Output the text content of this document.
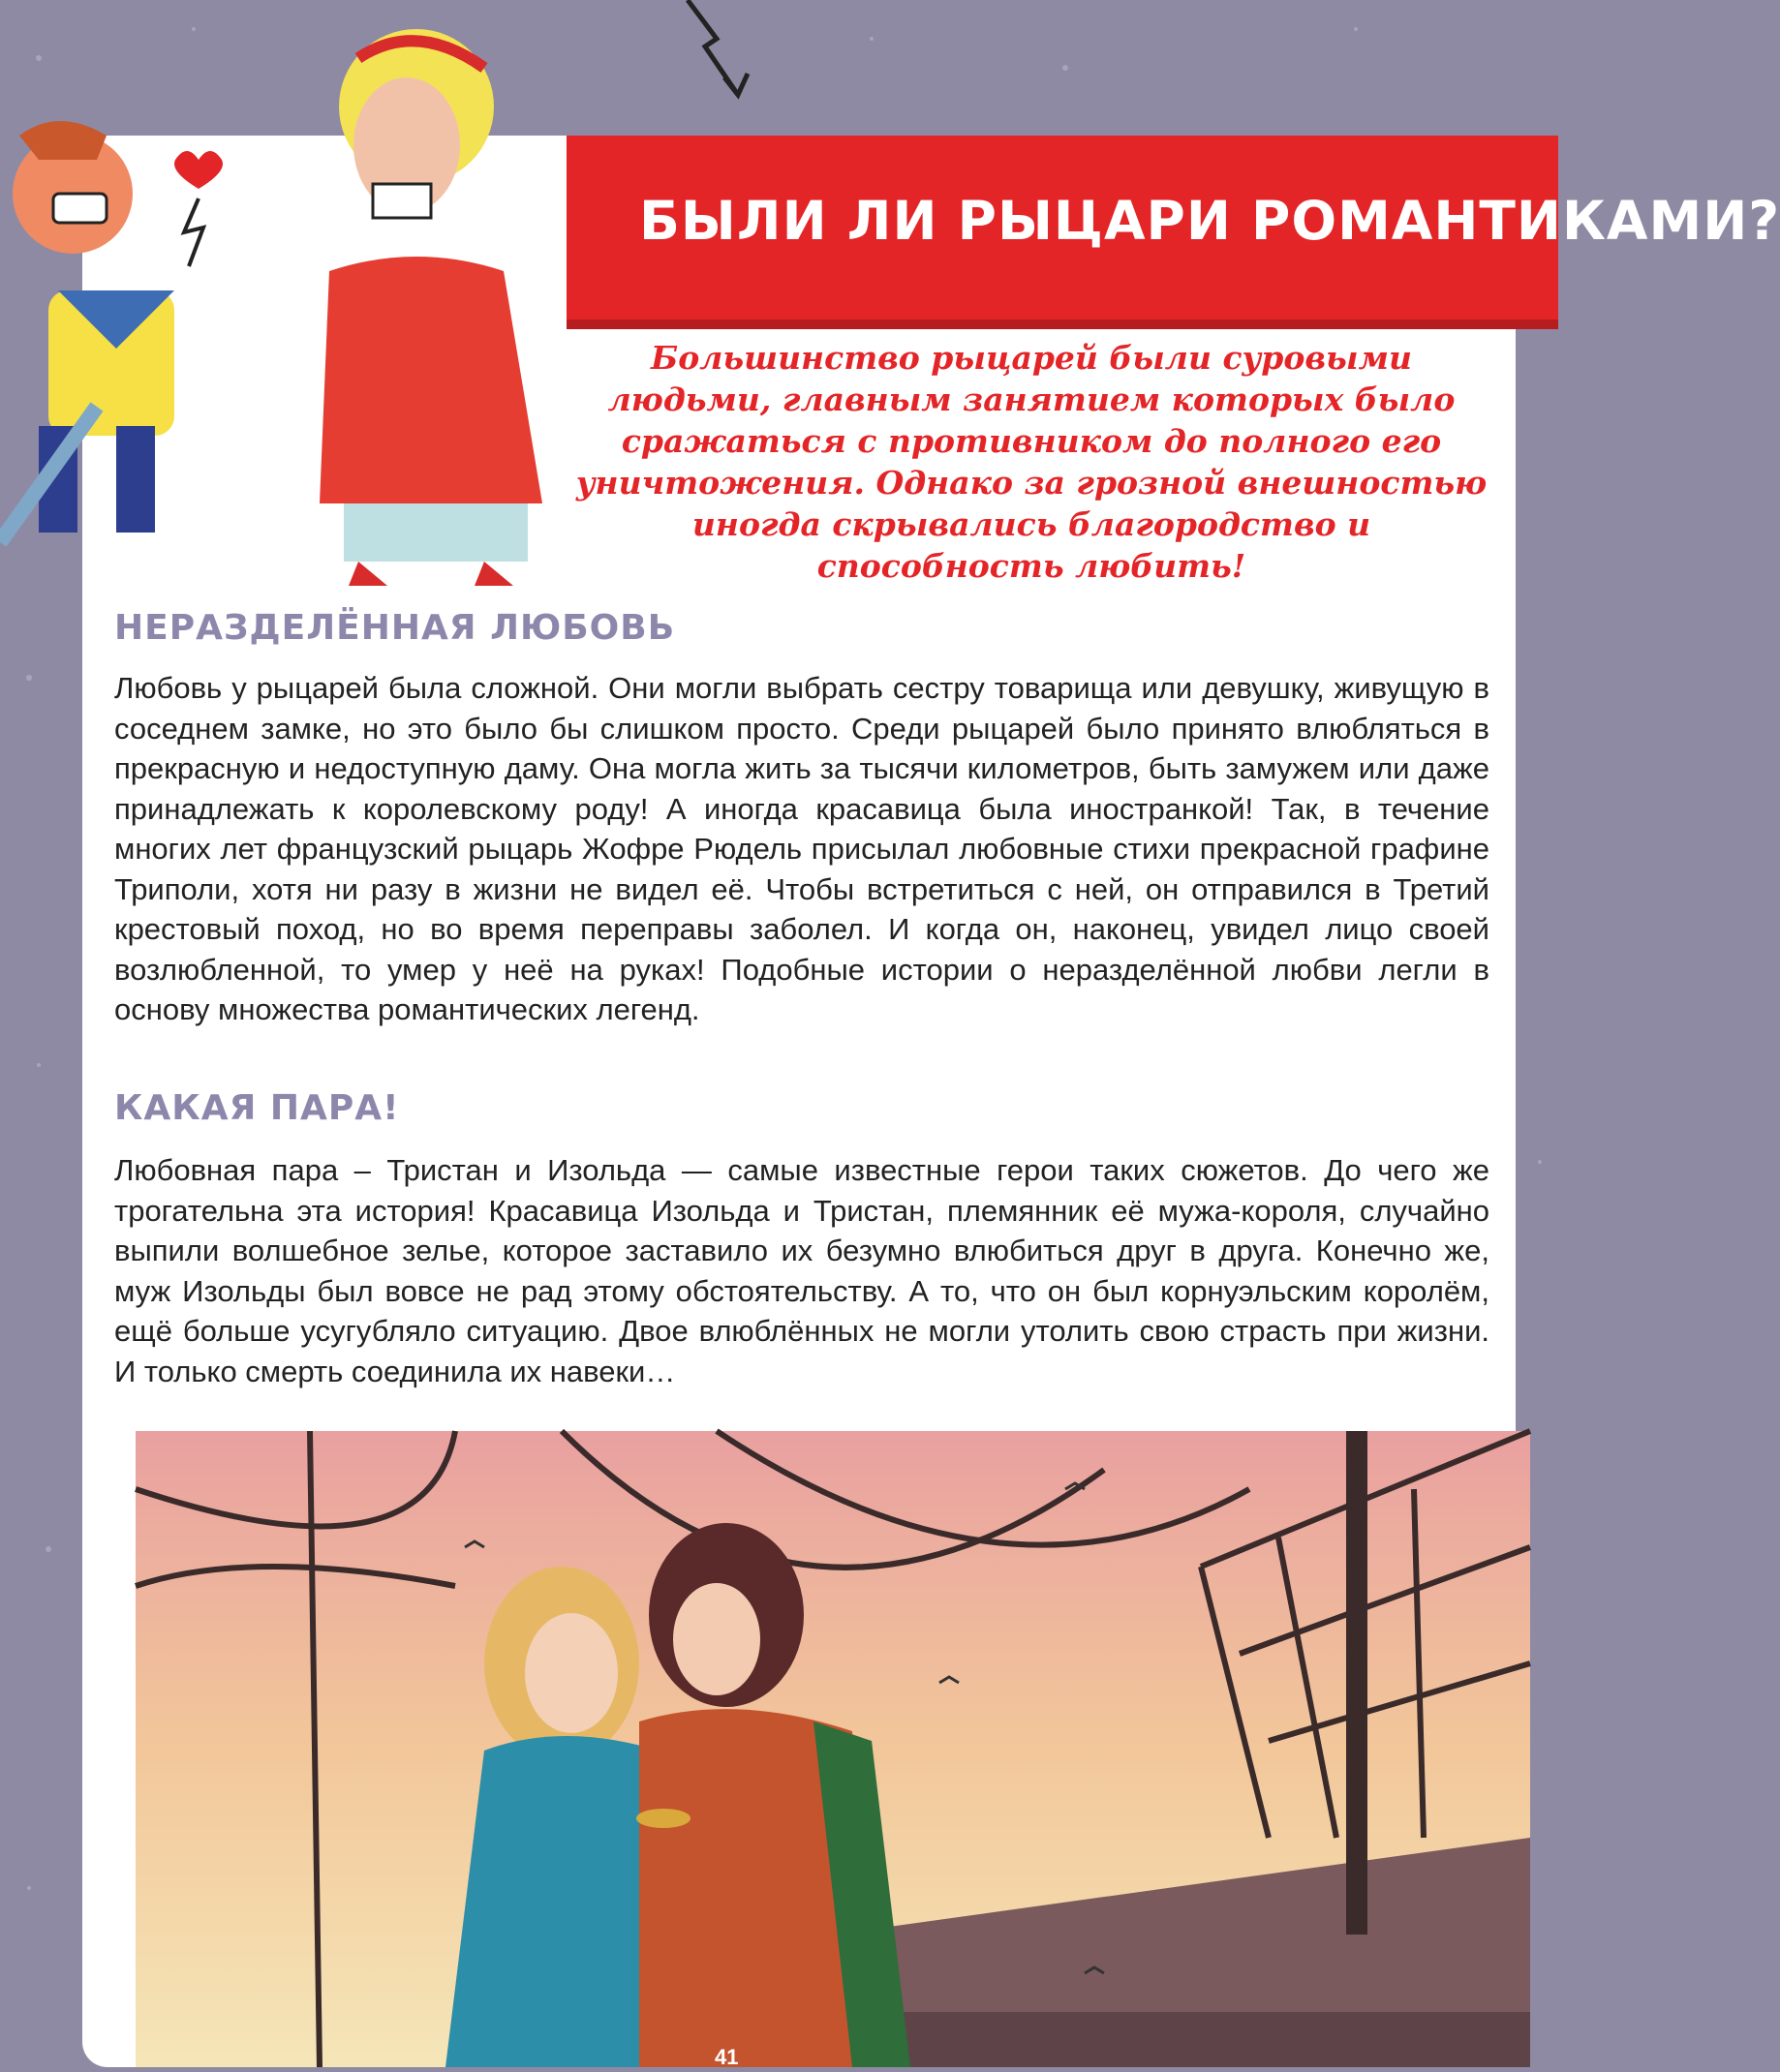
БЫЛИ ЛИ РЫЦАРИ РОМАНТИКАМИ?
Большинство рыцарей были суровыми людьми, главным занятием которых было сражаться с противником до полного его уничтожения. Однако за грозной внешностью иногда скрывались благородство и способность любить!
НЕРАЗДЕЛЁННАЯ ЛЮБОВЬ
Любовь у рыцарей была сложной. Они могли выбрать сестру товарища или девушку, живущую в соседнем замке, но это было бы слишком просто. Среди рыцарей было принято влюбляться в прекрасную и недоступную даму. Она могла жить за тысячи километров, быть замужем или даже принадлежать к королевскому роду! А иногда красавица была иностранкой! Так, в течение многих лет французский рыцарь Жофре Рюдель присылал любовные стихи прекрасной графине Триполи, хотя ни разу в жизни не видел её. Чтобы встретиться с ней, он отправился в Третий крестовый поход, но во время переправы заболел. И когда он, наконец, увидел лицо своей возлюбленной, то умер у неё на руках! Подобные истории о неразделённой любви легли в основу множества романтических легенд.
КАКАЯ ПАРА!
Любовная пара – Тристан и Изольда — самые известные герои таких сюжетов. До чего же трогательна эта история! Красавица Изольда и Тристан, племянник её мужа-короля, случайно выпили волшебное зелье, которое заставило их безумно влюбиться друг в друга. Конечно же, муж Изольды был вовсе не рад этому обстоятельству. А то, что он был корнуэльским королём, ещё больше усугубляло ситуацию. Двое влюблённых не могли утолить свою страсть при жизни. И только смерть соединила их навеки…
41
